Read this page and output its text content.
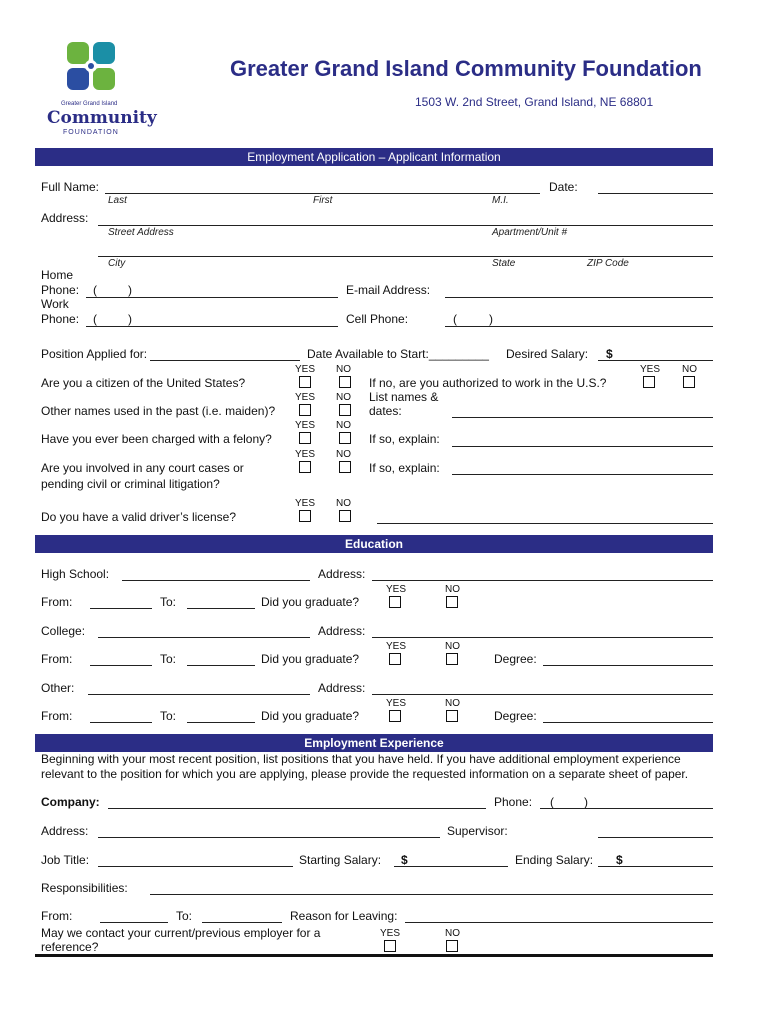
Greater Grand Island
Community
FOUNDATION
Greater Grand Island Community Foundation
1503 W. 2nd Street, Grand Island, NE 68801
Employment Application – Applicant Information
Full Name:	Date:
Last	First	M.I.
Address:
Street Address	Apartment/Unit #
City	State	ZIP Code
Home
Phone: (	)	E-mail Address:
Work
Phone: (	)	Cell Phone:	(	)
Position Applied for:	Date Available to Start:_________ Desired Salary: $
YES NO
Are you a citizen of the United States?	If no, are you authorized to work in the U.S.?
YES NO
YES NO
Other names used in the past (i.e. maiden)?
List names &
dates:
YES NO
Have you ever been charged with a felony?	If so, explain:
YES NO
Are you involved in any court cases or
pending civil or criminal litigation?
If so, explain:
YES NO
Do you have a valid driver’s license?
Education
High School:	Address:
YES	NO
From:	To:	Did you graduate?
College:	Address:
YES	NO
From:	To:	Did you graduate?	Degree:
Other:	Address:
YES	NO
From:	To:	Did you graduate?	Degree:
Employment Experience
Beginning with your most recent position, list positions that you have held. If you have additional employment experience
relevant to the position for which you are applying, please provide the requested information on a separate sheet of paper.
Company:	Phone: (	)
Address:	Supervisor:
Job Title:	Starting Salary: $	Ending Salary: $
Responsibilities:
From:	To:	Reason for Leaving:
May we contact your current/previous employer for a
reference?
YES	NO
